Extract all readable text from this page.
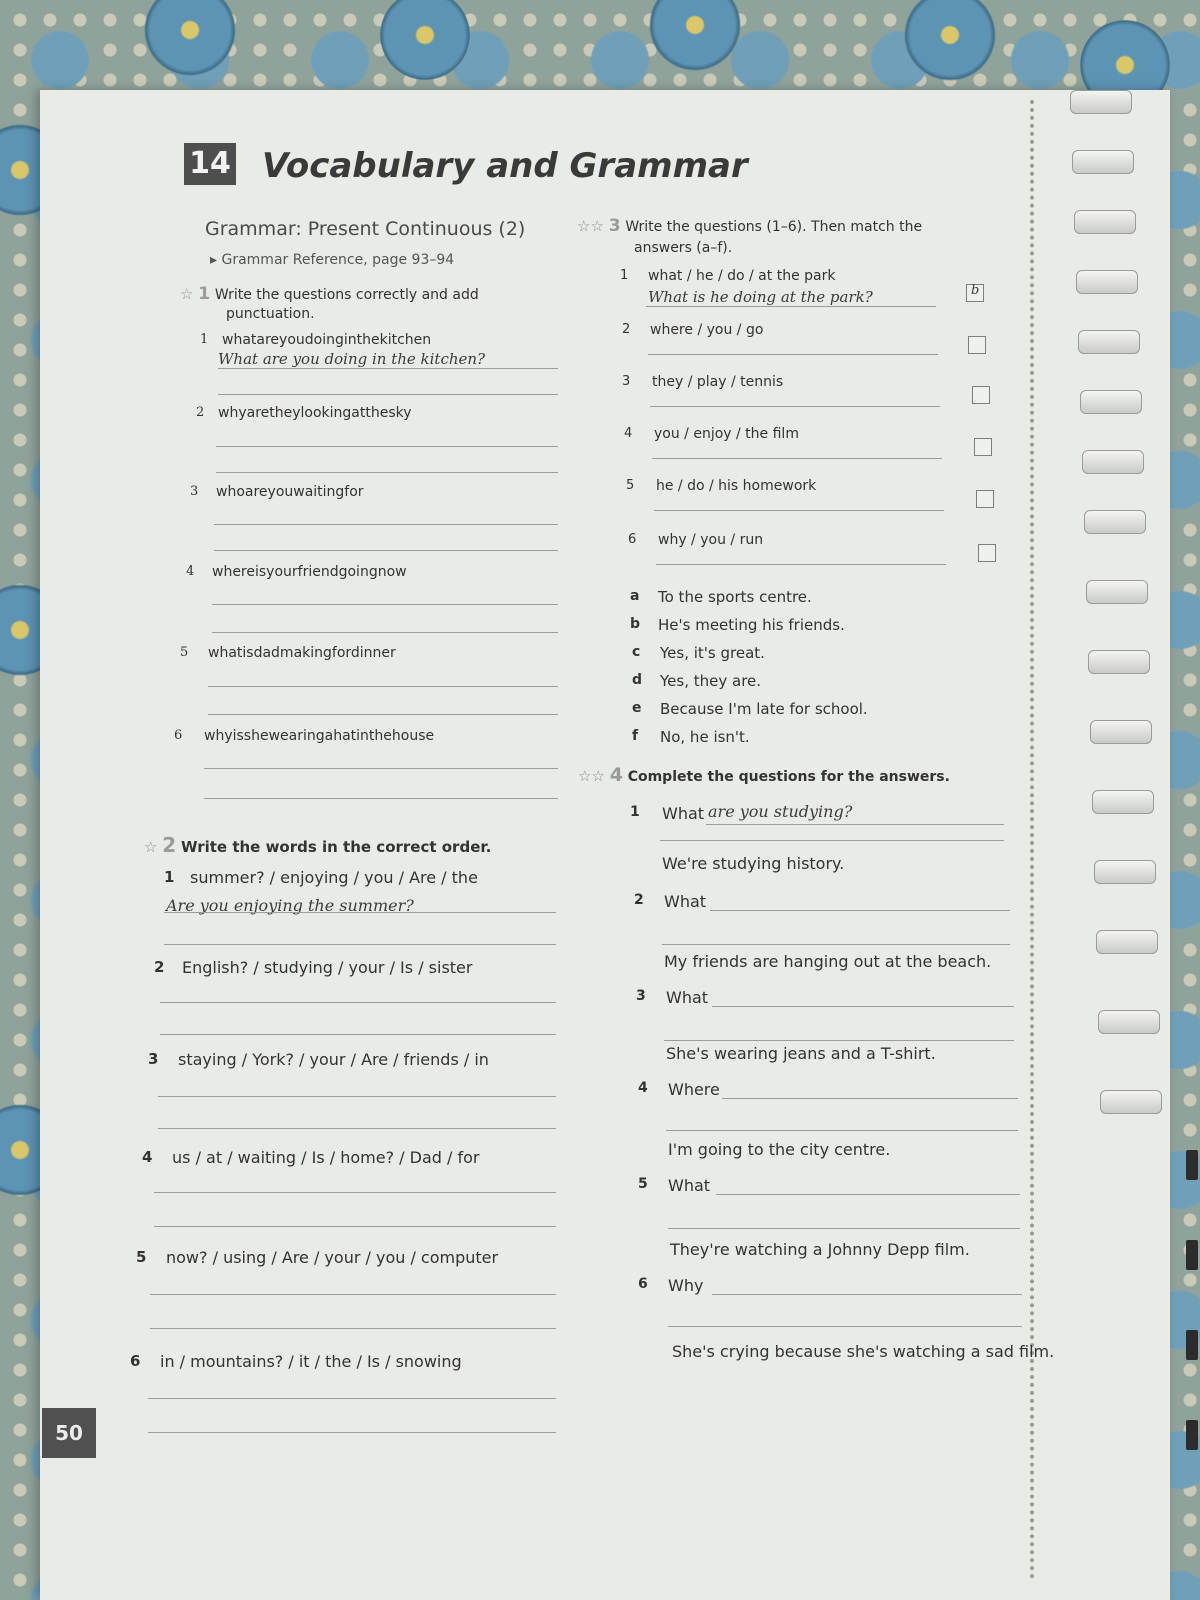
14 Vocabulary and Grammar
Grammar: Present Continuous (2)
▸ Grammar Reference, page 93–94
☆ 1 Write the questions correctly and add
punctuation.
1 whatareyoudoinginthekitchen
What are you doing in the kitchen?
2 whyaretheylookingatthesky
3 whoareyouwaitingfor
4 whereisyourfriendgoingnow
5 whatisdadmakingfordinner
6 whyisshewearingahatinthehouse
☆ 2 Write the words in the correct order.
1 summer? / enjoying / you / Are / the
Are you enjoying the summer?
2 English? / studying / your / Is / sister
3 staying / York? / your / Are / friends / in
4 us / at / waiting / Is / home? / Dad / for
5 now? / using / Are / your / you / computer
6 in / mountains? / it / the / Is / snowing
50
☆☆ 3 Write the questions (1–6). Then match the
answers (a–f).
1 what / he / do / at the park
What is he doing at the park?	b
2 where / you / go
3 they / play / tennis
4 you / enjoy / the film
5 he / do / his homework
6 why / you / run
a To the sports centre.
b He's meeting his friends.
c Yes, it's great.
d Yes, they are.
e Because I'm late for school.
f No, he isn't.
☆☆ 4 Complete the questions for the answers.
1 What are you studying?
We're studying history.
2 What
My friends are hanging out at the beach.
3 What
She's wearing jeans and a T-shirt.
4 Where
I'm going to the city centre.
5 What
They're watching a Johnny Depp film.
6 Why
She's crying because she's watching a sad film.
